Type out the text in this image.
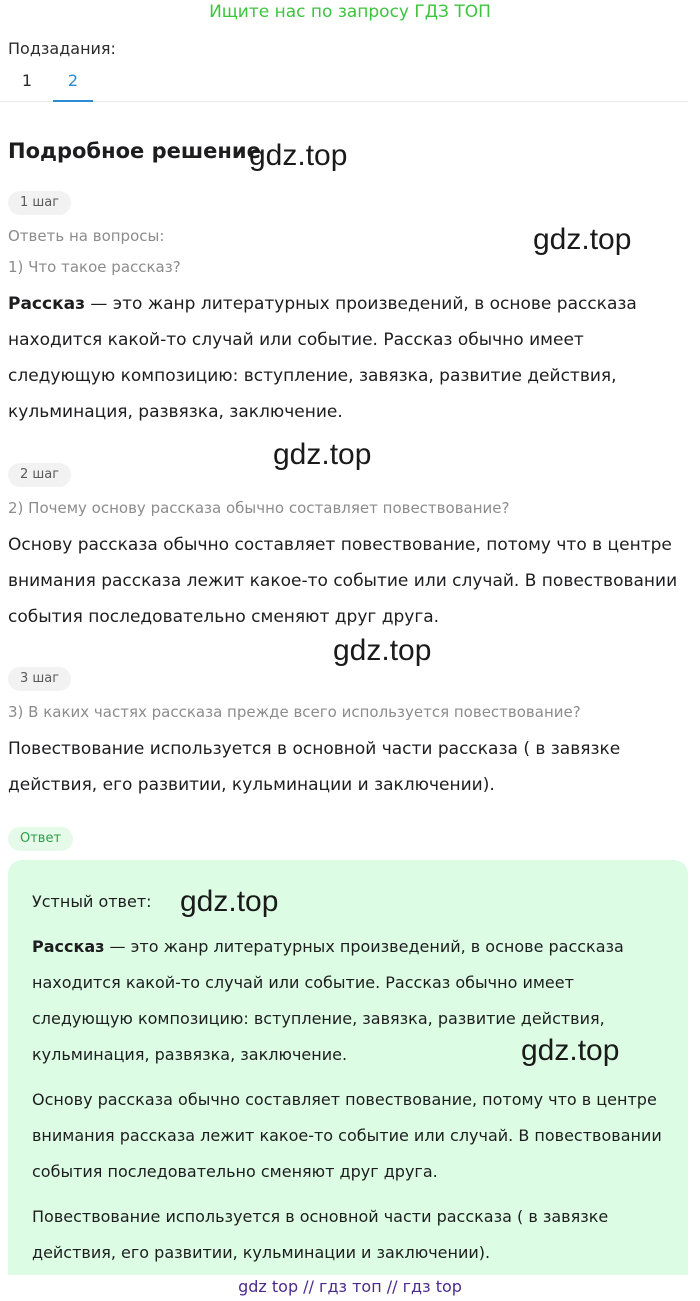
Ищите нас по запросу ГДЗ ТОП
Подзадания:
1	2
Подробное решение
1 шаг
Ответь на вопросы:
1) Что такое рассказ?
Рассказ — это жанр литературных произведений, в основе рассказа находится какой-то случай или событие. Рассказ обычно имеет следующую композицию: вступление, завязка, развитие действия, кульминация, развязка, заключение.
2 шаг
2) Почему основу рассказа обычно составляет повествование?
Основу рассказа обычно составляет повествование, потому что в центре внимания рассказа лежит какое-то событие или случай. В повествовании события последовательно сменяют друг друга.
3 шаг
3) В каких частях рассказа прежде всего используется повествование?
Повествование используется в основной части рассказа ( в завязке действия, его развитии, кульминации и заключении).
Ответ
Устный ответ:
Рассказ — это жанр литературных произведений, в основе рассказа находится какой-то случай или событие. Рассказ обычно имеет следующую композицию: вступление, завязка, развитие действия, кульминация, развязка, заключение.
Основу рассказа обычно составляет повествование, потому что в центре внимания рассказа лежит какое-то событие или случай. В повествовании события последовательно сменяют друг друга.
Повествование используется в основной части рассказа ( в завязке действия, его развитии, кульминации и заключении).
gdz.top
gdz.top
gdz.top
gdz.top
gdz.top
gdz.top
gdz top // гдз топ // гдз top
